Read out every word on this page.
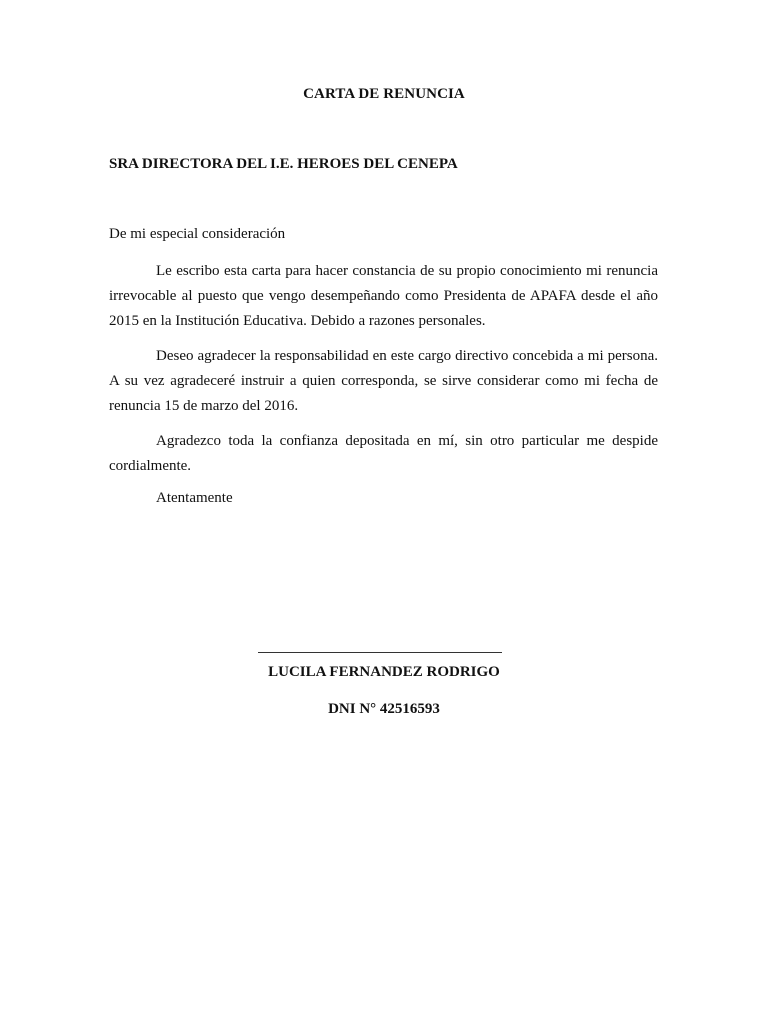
CARTA DE RENUNCIA
SRA DIRECTORA DEL I.E. HEROES DEL CENEPA
De mi especial consideración

Le escribo esta carta para hacer constancia de su propio conocimiento mi renuncia irrevocable al puesto que vengo desempeñando como Presidenta de APAFA desde el año 2015 en la Institución Educativa. Debido a razones personales.

Deseo agradecer la responsabilidad en este cargo directivo concebida a mi persona. A su vez agradeceré instruir a quien corresponda, se sirve considerar como mi fecha de renuncia 15 de marzo del 2016.

Agradezco toda la confianza depositada en mí, sin otro particular me despide cordialmente.

Atentamente
LUCILA FERNANDEZ RODRIGO
DNI N° 42516593
